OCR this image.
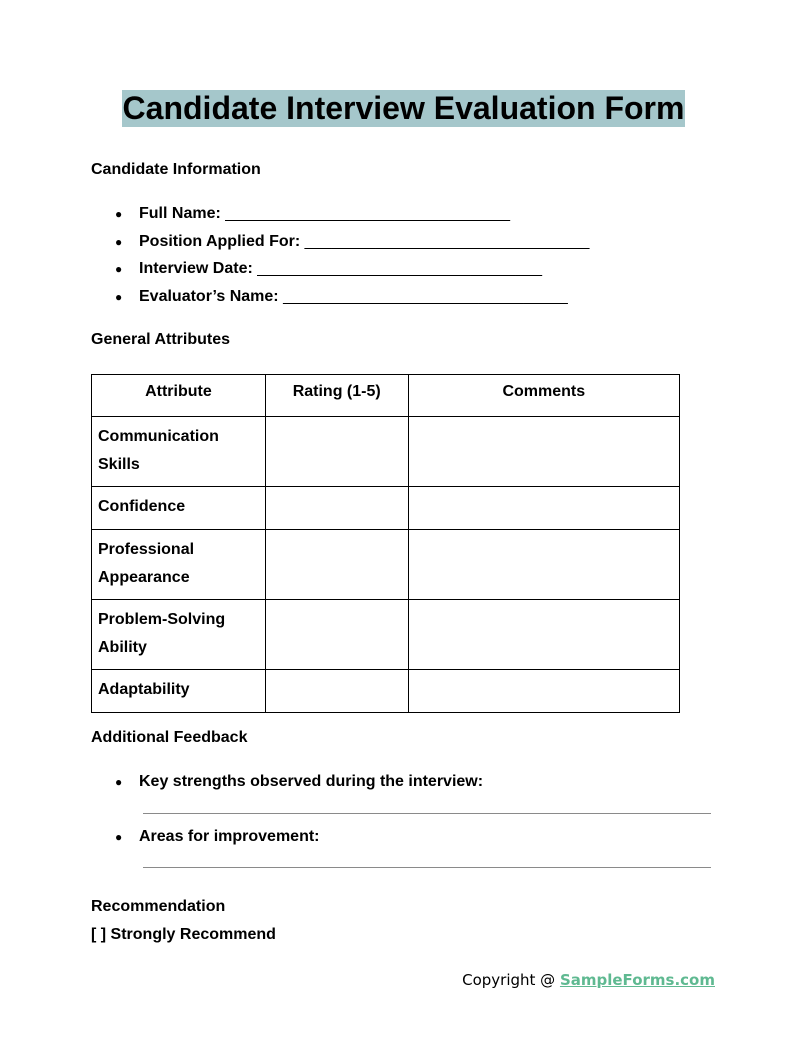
Candidate Interview Evaluation Form
Candidate Information
● Full Name: ________________________________
● Position Applied For: ________________________________
● Interview Date: ________________________________
● Evaluator’s Name: ________________________________
General Attributes
Attribute	Rating (1-5)	Comments
Communication Skills		
Confidence		
Professional Appearance		
Problem-Solving Ability		
Adaptability		
Additional Feedback
● Key strengths observed during the interview:
● Areas for improvement:
Recommendation
[ ] Strongly Recommend
Copyright @ SampleForms.com
